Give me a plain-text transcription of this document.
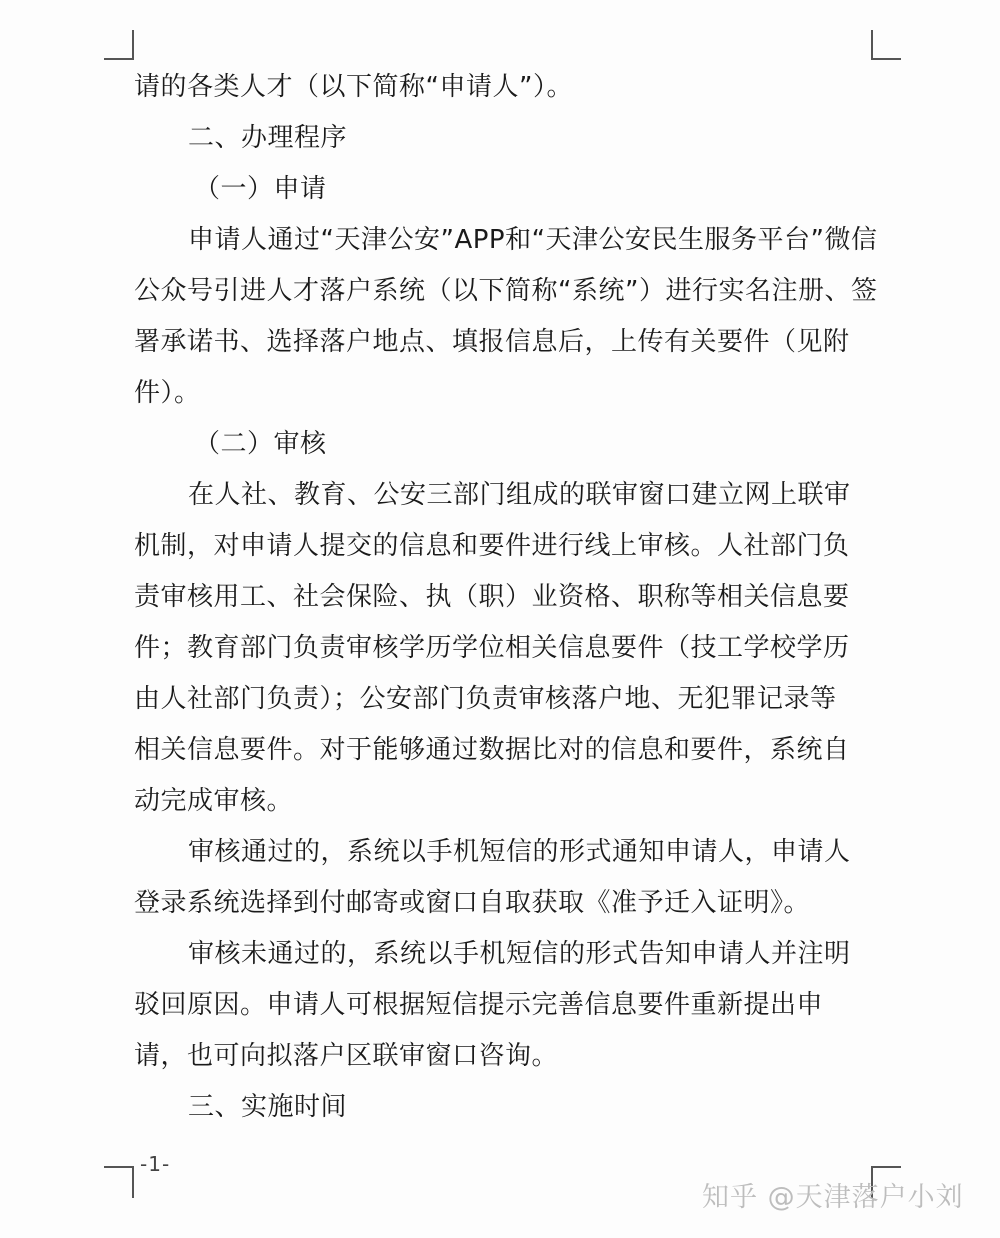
请的各类人才（以下简称“申请人”）。
二、办理程序
（一）申请
申请人通过“天津公安”APP和“天津公安民生服务平台”微信
公众号引进人才落户系统（以下简称“系统”）进行实名注册、签
署承诺书、选择落户地点、填报信息后，上传有关要件（见附
件）。
（二）审核
在人社、教育、公安三部门组成的联审窗口建立网上联审
机制，对申请人提交的信息和要件进行线上审核。人社部门负
责审核用工、社会保险、执（职）业资格、职称等相关信息要
件；教育部门负责审核学历学位相关信息要件（技工学校学历
由人社部门负责）；公安部门负责审核落户地、无犯罪记录等
相关信息要件。对于能够通过数据比对的信息和要件，系统自
动完成审核。
审核通过的，系统以手机短信的形式通知申请人，申请人
登录系统选择到付邮寄或窗口自取获取《准予迁入证明》。
审核未通过的，系统以手机短信的形式告知申请人并注明
驳回原因。申请人可根据短信提示完善信息要件重新提出申
请，也可向拟落户区联审窗口咨询。
三、实施时间
-1-
知乎 @天津落户小刘
